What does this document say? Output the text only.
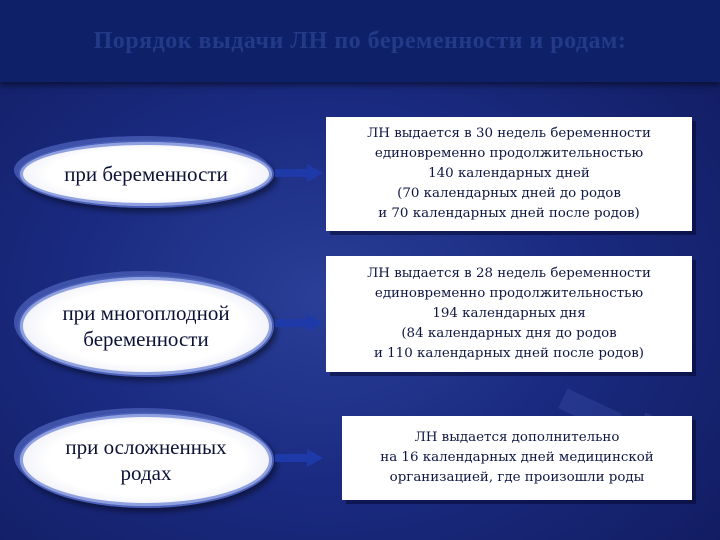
Порядок выдачи ЛН по беременности и родам:
при беременности
ЛН выдается в 30 недель беременности
единовременно продолжительностью
140 календарных дней
(70 календарных дней до родов
и 70 календарных дней после родов)
при многоплодной беременности
ЛН выдается в 28 недель беременности
единовременно продолжительностью
194 календарных дня
(84 календарных дня до родов
и 110 календарных дней после родов)
при осложненных родах
ЛН выдается дополнительно
на 16 календарных дней медицинской
организацией, где произошли роды
